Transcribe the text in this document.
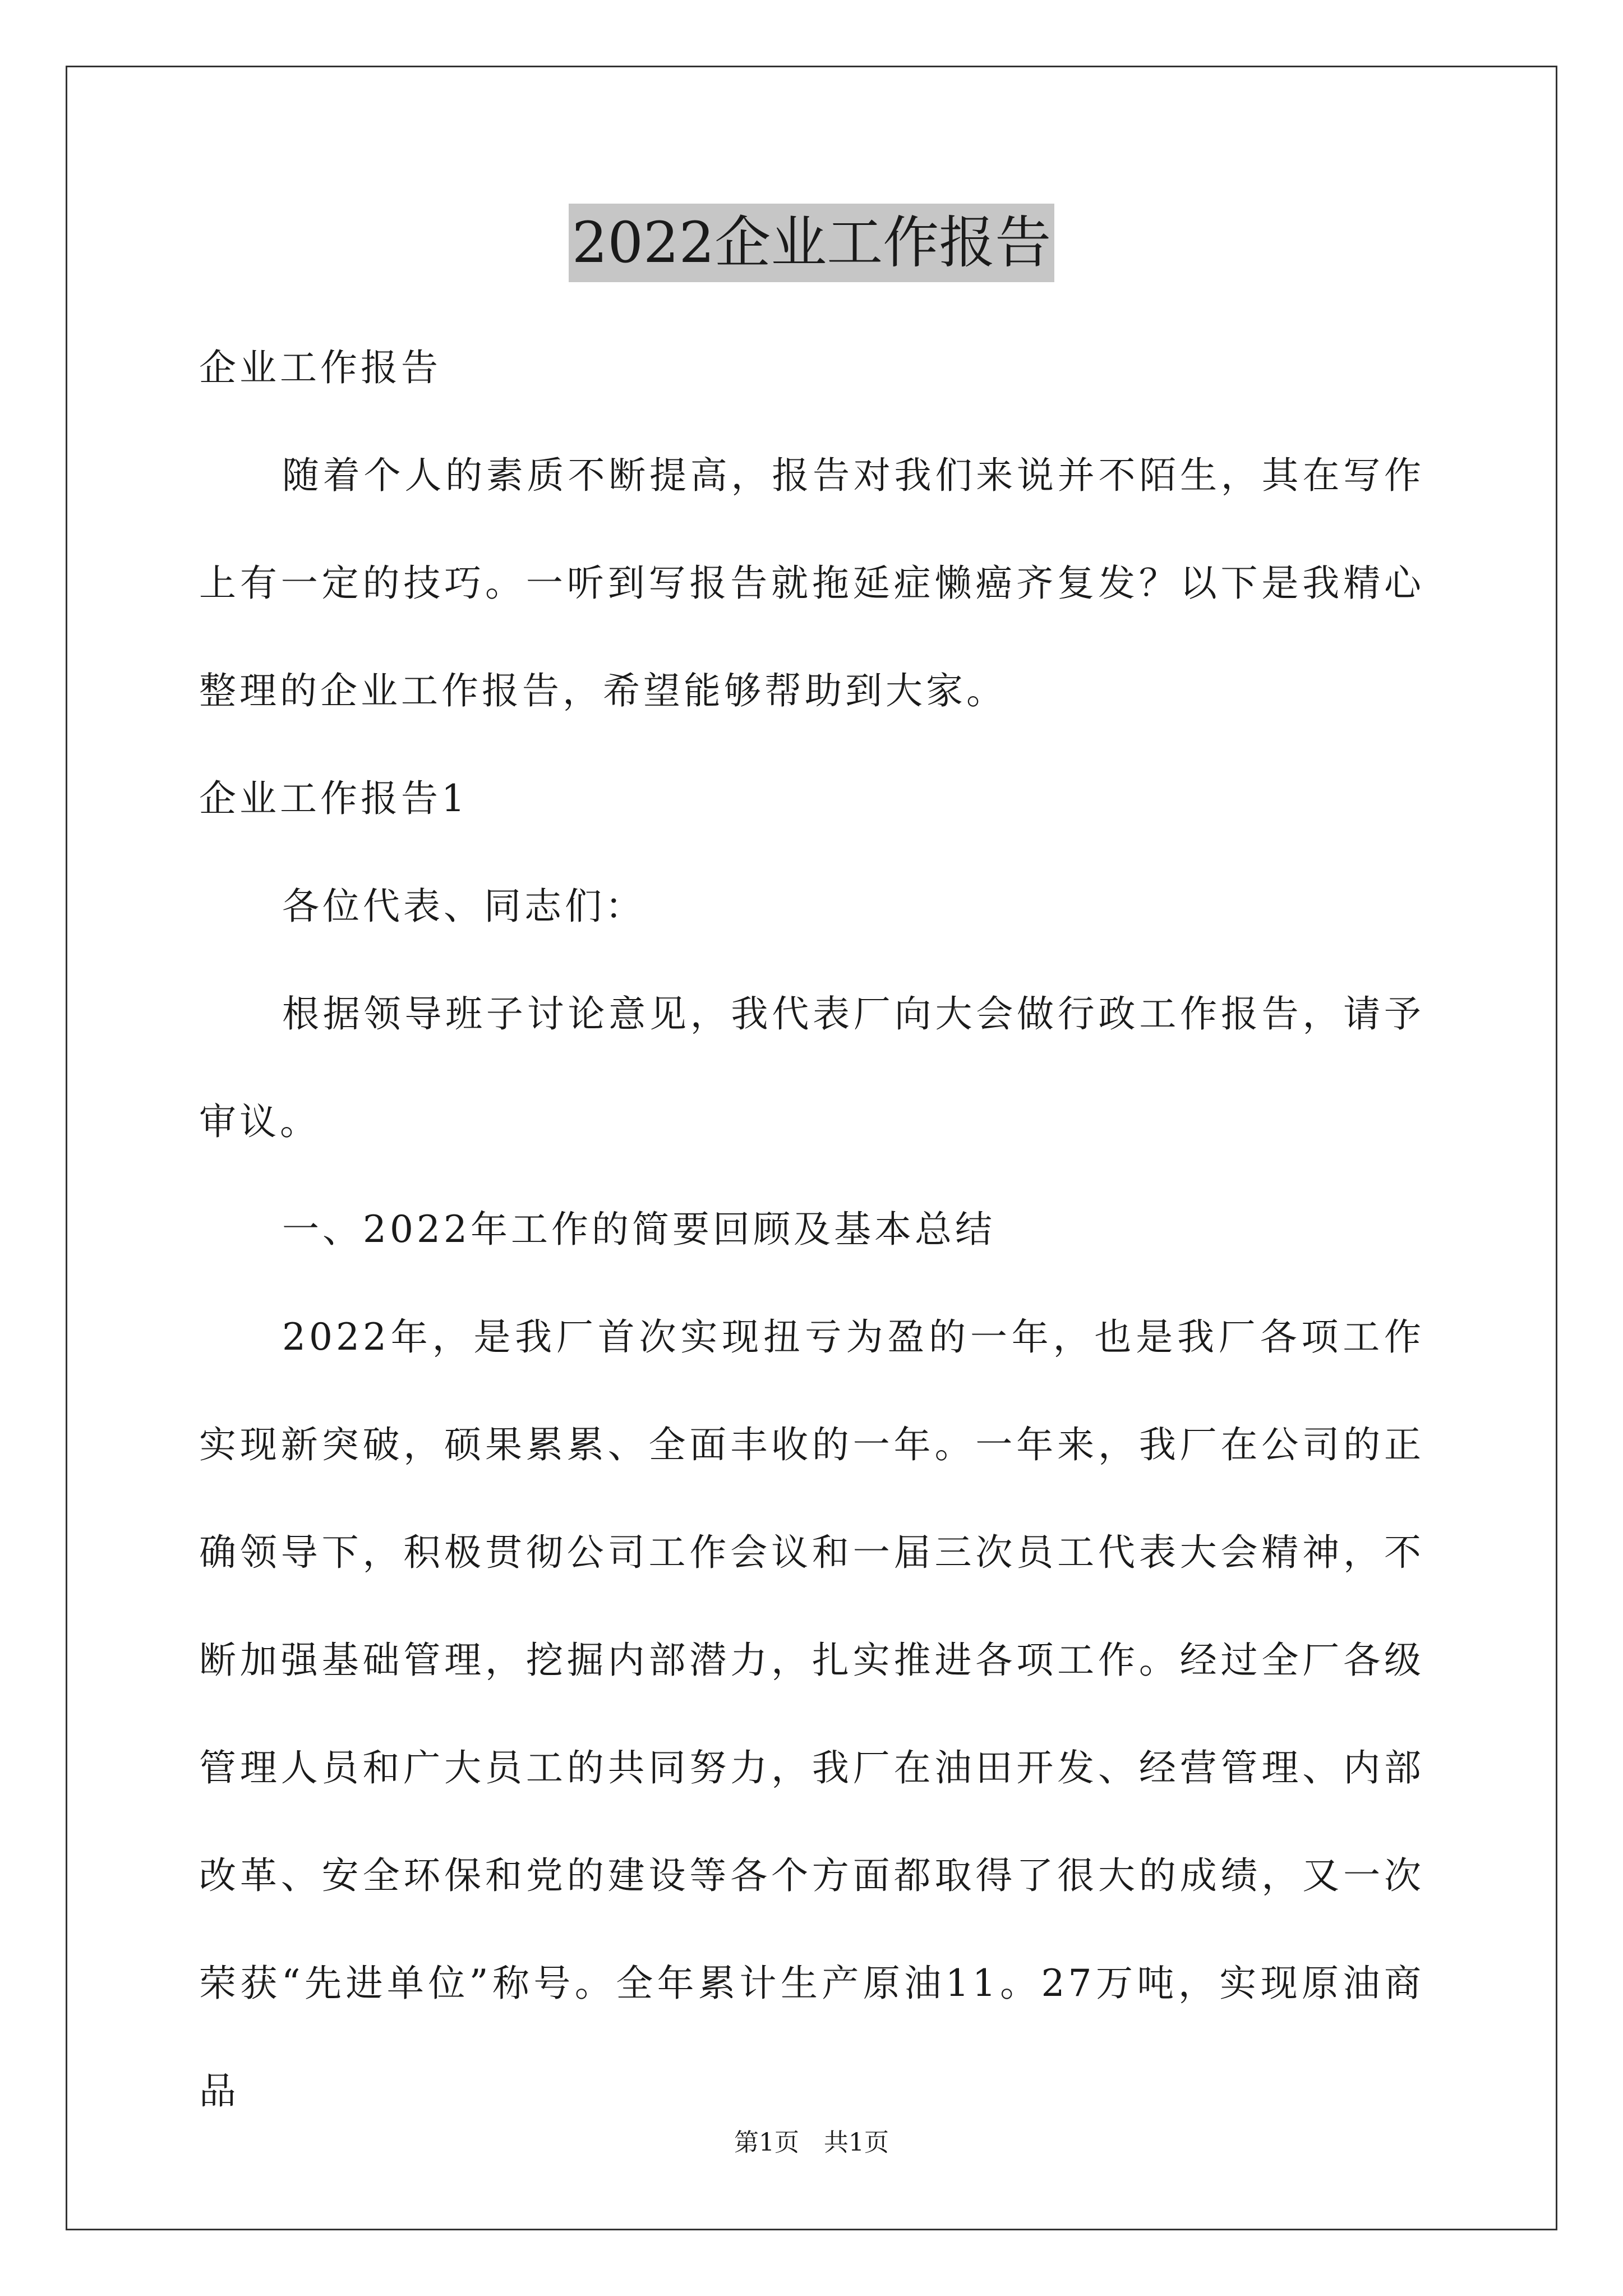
2022企业工作报告

企业工作报告

随着个人的素质不断提高，报告对我们来说并不陌生，其在写作上有一定的技巧。一听到写报告就拖延症懒癌齐复发？以下是我精心整理的企业工作报告，希望能够帮助到大家。

企业工作报告1

各位代表、同志们：

根据领导班子讨论意见，我代表厂向大会做行政工作报告，请予审议。

一、2022年工作的简要回顾及基本总结

2022年，是我厂首次实现扭亏为盈的一年，也是我厂各项工作实现新突破，硕果累累、全面丰收的一年。一年来，我厂在公司的正确领导下，积极贯彻公司工作会议和一届三次员工代表大会精神，不断加强基础管理，挖掘内部潜力，扎实推进各项工作。经过全厂各级管理人员和广大员工的共同努力，我厂在油田开发、经营管理、内部改革、安全环保和党的建设等各个方面都取得了很大的成绩，又一次荣获“先进单位”称号。全年累计生产原油11。27万吨，实现原油商品

第1页　共1页
